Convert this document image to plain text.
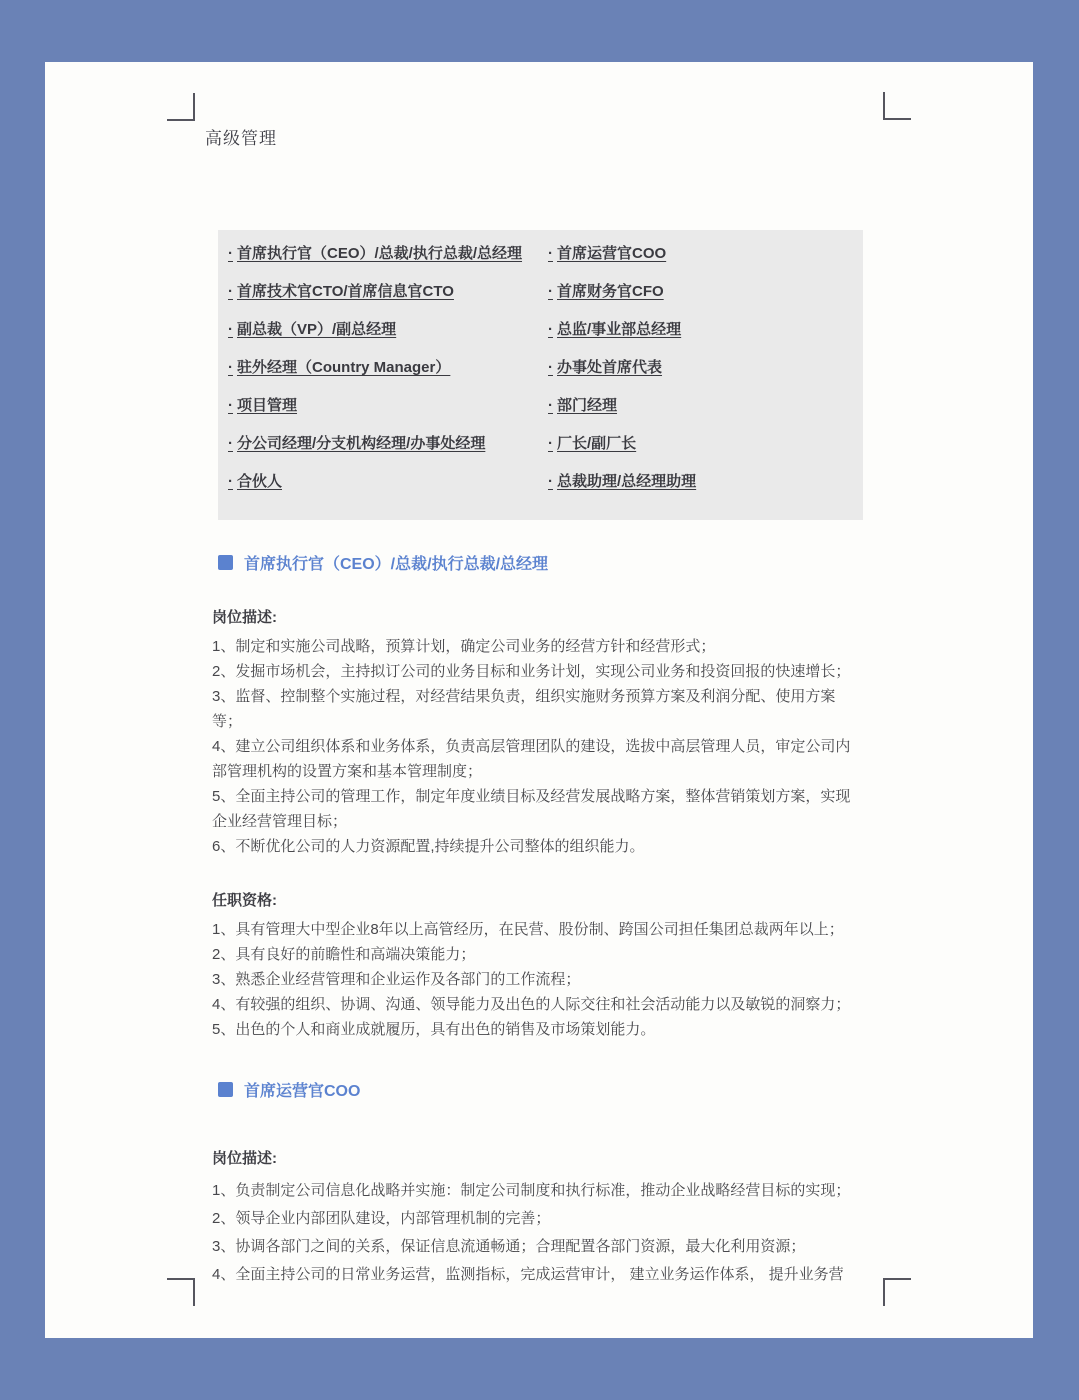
高级管理
· 首席执行官（CEO）/总裁/执行总裁/总经理
· 首席技术官CTO/首席信息官CTO
· 副总裁（VP）/副总经理
· 驻外经理（Country Manager）
· 项目管理
· 分公司经理/分支机构经理/办事处经理
· 合伙人
· 首席运营官COO
· 首席财务官CFO
· 总监/事业部总经理
· 办事处首席代表
· 部门经理
· 厂长/副厂长
· 总裁助理/总经理助理
首席执行官（CEO）/总裁/执行总裁/总经理

岗位描述:

1、制定和实施公司战略，预算计划，确定公司业务的经营方针和经营形式；

2、发掘市场机会，主持拟订公司的业务目标和业务计划，实现公司业务和投资回报的快速增长；

3、监督、控制整个实施过程，对经营结果负责，组织实施财务预算方案及利润分配、使用方案等；

4、建立公司组织体系和业务体系，负责高层管理团队的建设，选拔中高层管理人员，审定公司内部管理机构的设置方案和基本管理制度；

5、全面主持公司的管理工作，制定年度业绩目标及经营发展战略方案，整体营销策划方案，实现企业经营管理目标；

6、不断优化公司的人力资源配置,持续提升公司整体的组织能力。

任职资格:

1、具有管理大中型企业8年以上高管经历，在民营、股份制、跨国公司担任集团总裁两年以上；

2、具有良好的前瞻性和高端决策能力；

3、熟悉企业经营管理和企业运作及各部门的工作流程；

4、有较强的组织、协调、沟通、领导能力及出色的人际交往和社会活动能力以及敏锐的洞察力；

5、出色的个人和商业成就履历，具有出色的销售及市场策划能力。

首席运营官COO

岗位描述:

1、负责制定公司信息化战略并实施：制定公司制度和执行标准，推动企业战略经营目标的实现；

2、领导企业内部团队建设，内部管理机制的完善；

3、协调各部门之间的关系，保证信息流通畅通；合理配置各部门资源，最大化利用资源；

4、全面主持公司的日常业务运营，监测指标，完成运营审计， 建立业务运作体系， 提升业务营
